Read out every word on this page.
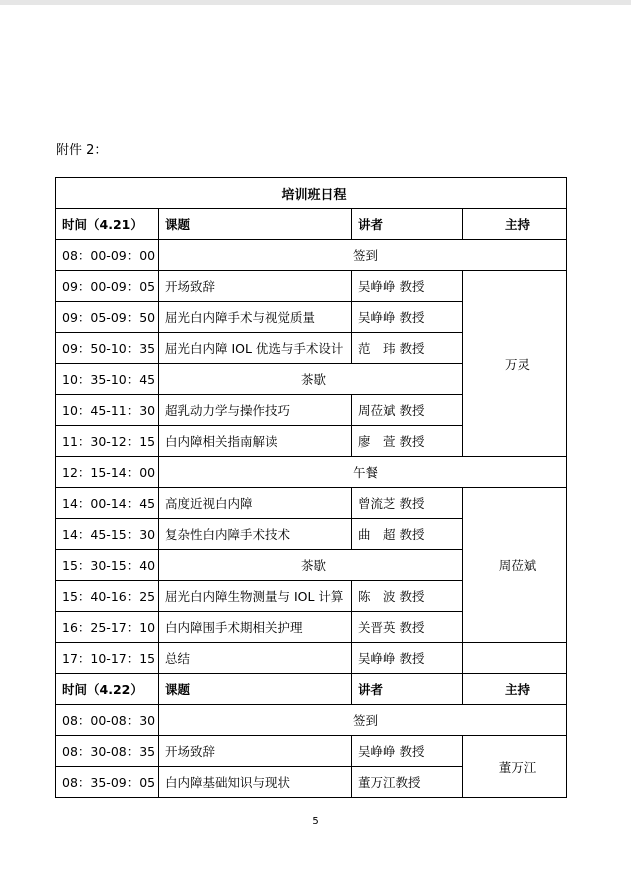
附件 2：
培训班日程			
时间（4.21）	课题	讲者	主持
08：00-09：00	签到		
09：00-09：05	开场致辞	吴峥峥 教授	万灵
09：05-09：50	屈光白内障手术与视觉质量	吴峥峥 教授	
09：50-10：35	屈光白内障 IOL 优选与手术设计	范　玮 教授	
10：35-10：45	茶歇		
10：45-11：30	超乳动力学与操作技巧	周莅斌 教授	
11：30-12：15	白内障相关指南解读	廖　萱 教授	
12：15-14：00	午餐		
14：00-14：45	高度近视白内障	曾流芝 教授	周莅斌
14：45-15：30	复杂性白内障手术技术	曲　超 教授	
15：30-15：40	茶歇		
15：40-16：25	屈光白内障生物测量与 IOL 计算	陈　波 教授	
16：25-17：10	白内障围手术期相关护理	关晋英 教授	
17：10-17：15	总结	吴峥峥 教授	
时间（4.22）	课题	讲者	主持
08：00-08：30	签到		
08：30-08：35	开场致辞	吴峥峥 教授	董万江
08：35-09：05	白内障基础知识与现状	董万江教授	
5
